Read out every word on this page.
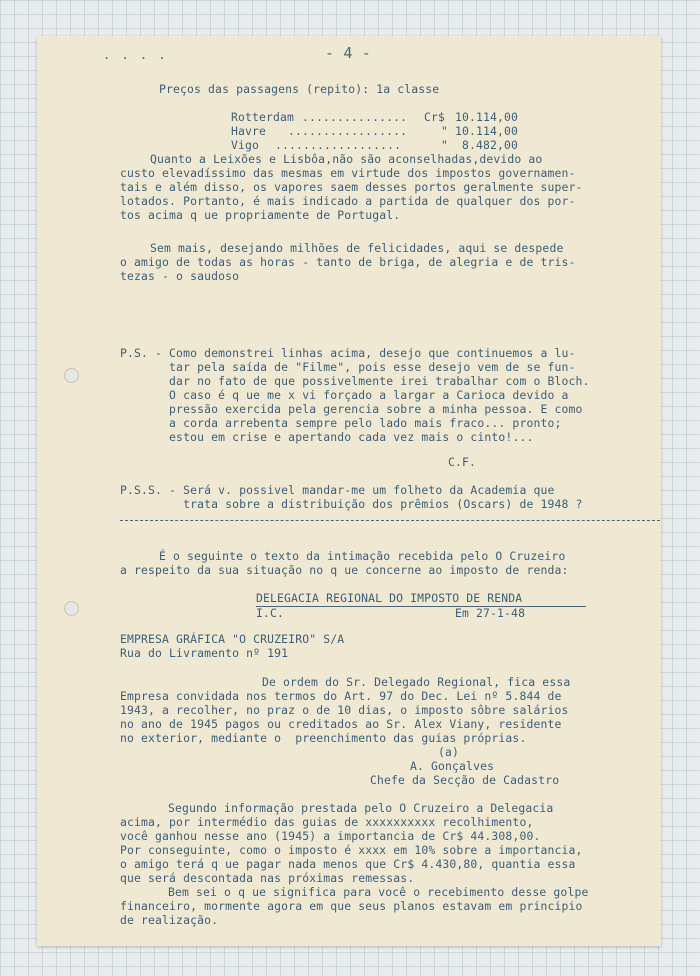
. . . .	- 4 -
Preços das passagens (repito): 1a classe
Rotterdam ............... Cr$ 10.114,00
Havre .................	" 10.114,00
Vigo ..................	" 8.482,00
Quanto a Leixões e Lisbôa,não são aconselhadas,devido ao
custo elevadíssimo das mesmas em virtude dos impostos governamen-
tais e além disso, os vapores saem desses portos geralmente super-
lotados. Portanto, é mais indicado a partida de qualquer dos por-
tos acima q ue propriamente de Portugal.
Sem mais, desejando milhões de felicidades, aqui se despede
o amigo de todas as horas - tanto de briga, de alegria e de tris-
tezas - o saudoso
P.S. - Como demonstrei linhas acima, desejo que continuemos a lu-
tar pela saída de "Filme", pois esse desejo vem de se fun-
dar no fato de que possivelmente irei trabalhar com o Bloch.
O caso é q ue me x vi forçado a largar a Carioca devido a
pressão exercida pela gerencia sobre a minha pessoa. E como
a corda arrebenta sempre pelo lado mais fraco... pronto;
estou em crise e apertando cada vez mais o cinto!...
C.F.
P.S.S. - Será v. possivel mandar-me um folheto da Academia que
trata sobre a distribuição dos prêmios (Oscars) de 1948 ?
É o seguinte o texto da intimação recebida pelo O Cruzeiro
a respeito da sua situação no q ue concerne ao imposto de renda:
DELEGACIA REGIONAL DO IMPOSTO DE RENDA
I.C.	Em 27-1-48
EMPRESA GRÁFICA "O CRUZEIRO" S/A
Rua do Livramento nº 191
De ordem do Sr. Delegado Regional, fica essa
Empresa convidada nos termos do Art. 97 do Dec. Lei nº 5.844 de
1943, a recolher, no praz o de 10 dias, o imposto sôbre salários
no ano de 1945 pagos ou creditados ao Sr. Alex Viany, residente
no exterior, mediante o  preenchimento das guias próprias.
(a)
A. Gonçalves
Chefe da Secção de Cadastro
Segundo informação prestada pelo O Cruzeiro a Delegacia
acima, por intermédio das guias de xxxxxxxxxx recolhimento,
você ganhou nesse ano (1945) a importancia de Cr$ 44.308,00.
Por conseguinte, como o imposto é xxxx em 10% sobre a importancia,
o amigo terá q ue pagar nada menos que Cr$ 4.430,80, quantia essa
que será descontada nas próximas remessas.
Bem sei o q ue significa para você o recebimento desse golpe
financeiro, mormente agora em que seus planos estavam em principio
de realização.
